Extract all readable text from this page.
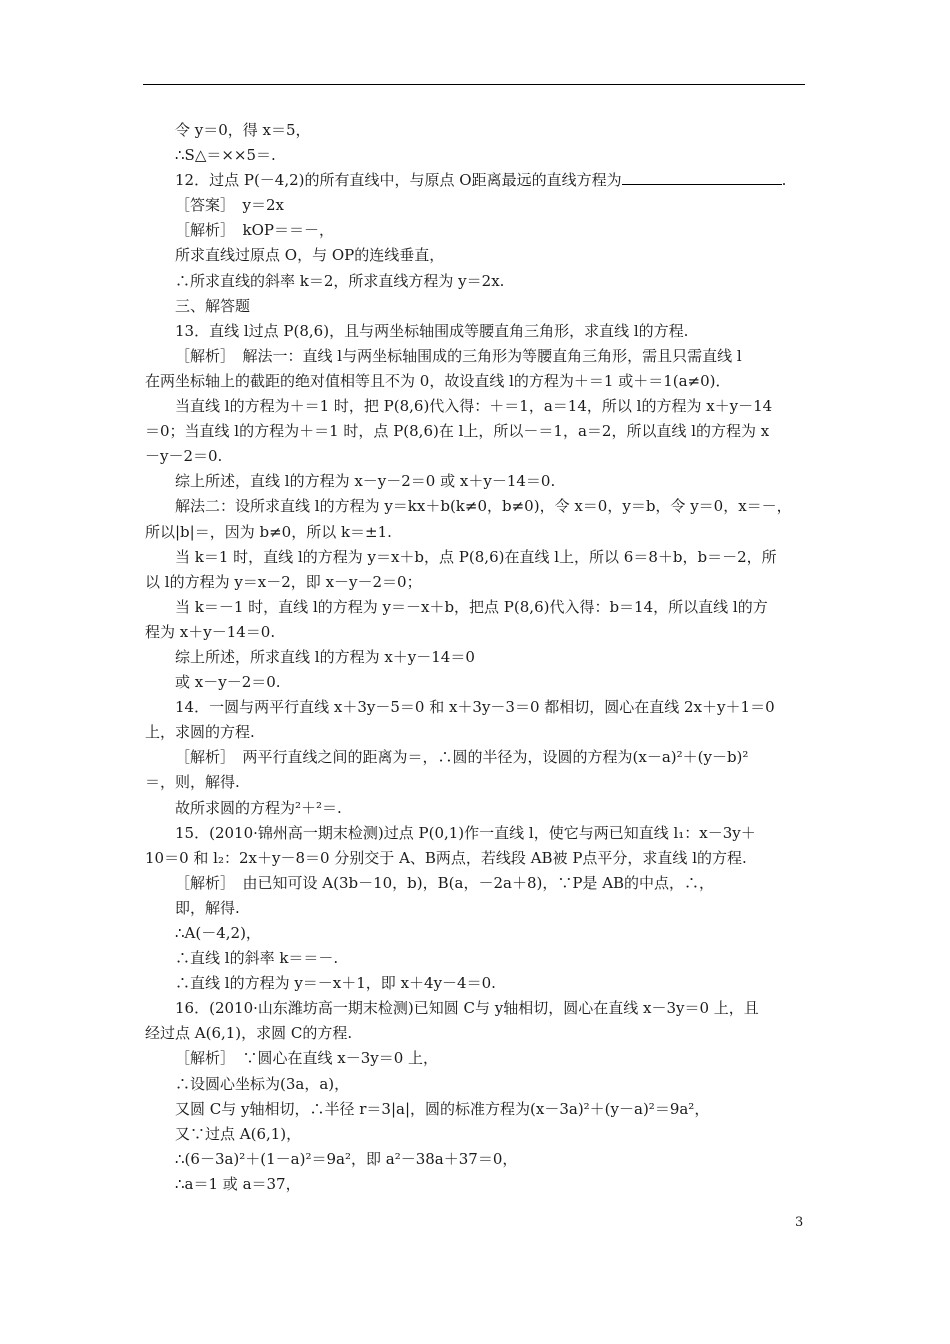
令 y＝0，得 x＝5，
∴S△＝××5＝.
12．过点 P(－4,2)的所有直线中，与原点 O距离最远的直线方程为	.
［答案］　y＝2x
［解析］　kOP＝＝－，
所求直线过原点 O，与 OP的连线垂直，
∴所求直线的斜率 k＝2，所求直线方程为 y＝2x.
三、解答题
13．直线 l过点 P(8,6)，且与两坐标轴围成等腰直角三角形，求直线 l的方程.
［解析］　解法一：直线 l与两坐标轴围成的三角形为等腰直角三角形，需且只需直线 l
在两坐标轴上的截距的绝对值相等且不为 0，故设直线 l的方程为＋＝1 或＋＝1(a≠0)．
当直线 l的方程为＋＝1 时，把 P(8,6)代入得：＋＝1，a＝14，所以 l的方程为 x＋y－14
＝0；当直线 l的方程为＋＝1 时，点 P(8,6)在 l上，所以－＝1，a＝2，所以直线 l的方程为 x
－y－2＝0.
综上所述，直线 l的方程为 x－y－2＝0 或 x＋y－14＝0.
解法二：设所求直线 l的方程为 y＝kx＋b(k≠0，b≠0)，令 x＝0，y＝b，令 y＝0，x＝－，
所以|b|＝，因为 b≠0，所以 k＝±1.
当 k＝1 时，直线 l的方程为 y＝x＋b，点 P(8,6)在直线 l上，所以 6＝8＋b，b＝－2，所
以 l的方程为 y＝x－2，即 x－y－2＝0；
当 k＝－1 时，直线 l的方程为 y＝－x＋b，把点 P(8,6)代入得：b＝14，所以直线 l的方
程为 x＋y－14＝0.
综上所述，所求直线 l的方程为 x＋y－14＝0
或 x－y－2＝0.
14．一圆与两平行直线 x＋3y－5＝0 和 x＋3y－3＝0 都相切，圆心在直线 2x＋y＋1＝0
上，求圆的方程.
［解析］　两平行直线之间的距离为＝，∴圆的半径为，设圆的方程为(x－a)²＋(y－b)²
＝，则，解得.
故所求圆的方程为²＋²＝.
15．(2010·锦州高一期末检测)过点 P(0,1)作一直线 l，使它与两已知直线 l₁：x－3y＋
10＝0 和 l₂：2x＋y－8＝0 分别交于 A、B两点，若线段 AB被 P点平分，求直线 l的方程.
［解析］　由已知可设 A(3b－10，b)，B(a，－2a＋8)，∵P是 AB的中点，∴，
即，解得.
∴A(－4,2)，
∴直线 l的斜率 k＝＝－.
∴直线 l的方程为 y＝－x＋1，即 x＋4y－4＝0.
16．(2010·山东潍坊高一期末检测)已知圆 C与 y轴相切，圆心在直线 x－3y＝0 上，且
经过点 A(6,1)，求圆 C的方程.
［解析］　∵圆心在直线 x－3y＝0 上，
∴设圆心坐标为(3a，a)，
又圆 C与 y轴相切，∴半径 r＝3|a|，圆的标准方程为(x－3a)²＋(y－a)²＝9a²，
又∵过点 A(6,1)，
∴(6－3a)²＋(1－a)²＝9a²，即 a²－38a＋37＝0，
∴a＝1 或 a＝37，
3
